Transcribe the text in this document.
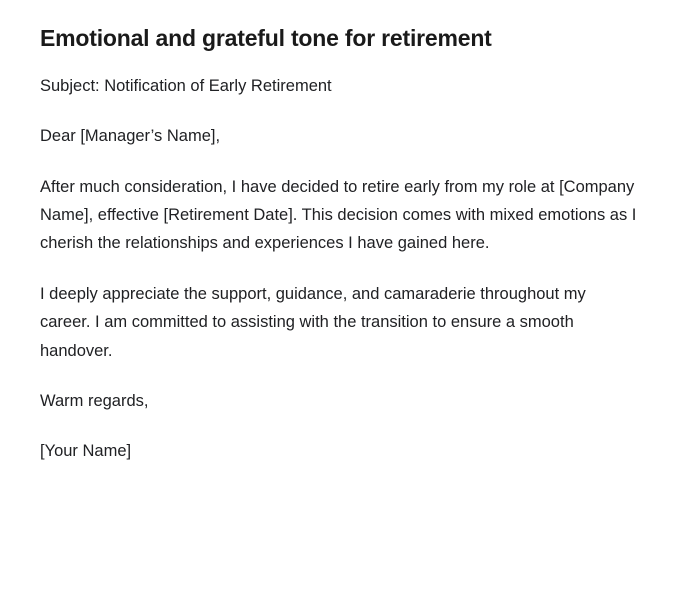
Emotional and grateful tone for retirement

Subject: Notification of Early Retirement

Dear [Manager’s Name],

After much consideration, I have decided to retire early from my role at [Company Name], effective [Retirement Date]. This decision comes with mixed emotions as I cherish the relationships and experiences I have gained here.

I deeply appreciate the support, guidance, and camaraderie throughout my career. I am committed to assisting with the transition to ensure a smooth handover.

Warm regards,

[Your Name]
